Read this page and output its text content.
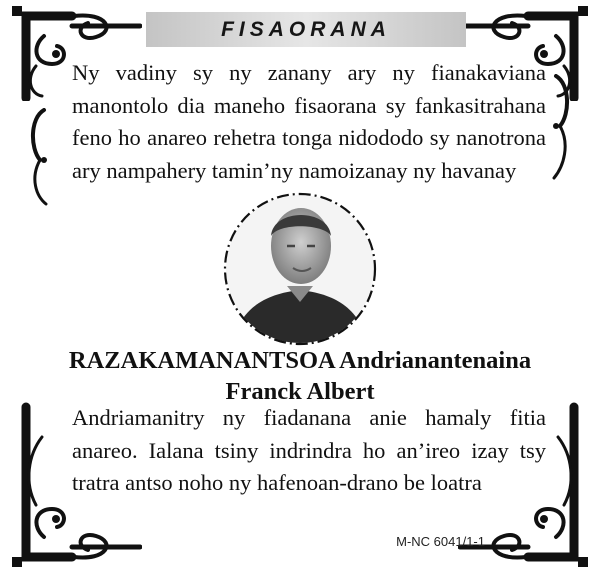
FISAORANA

Ny vadiny sy ny zanany ary ny fianakaviana manontolo dia maneho fisaorana sy fankasitrahana feno ho anareo rehetra tonga nidododo sy nanotrona ary nampahery tamin’ny namoizanay ny havanay

RAZAKAMANANTSOA Andrianantenaina

Franck Albert

Andriamanitry ny fiadanana anie hamaly fitia anareo. Ialana tsiny indrindra ho an’ireo izay tsy tratra antso noho ny hafenoan-drano be loatra

M-NC 6041/1-1
